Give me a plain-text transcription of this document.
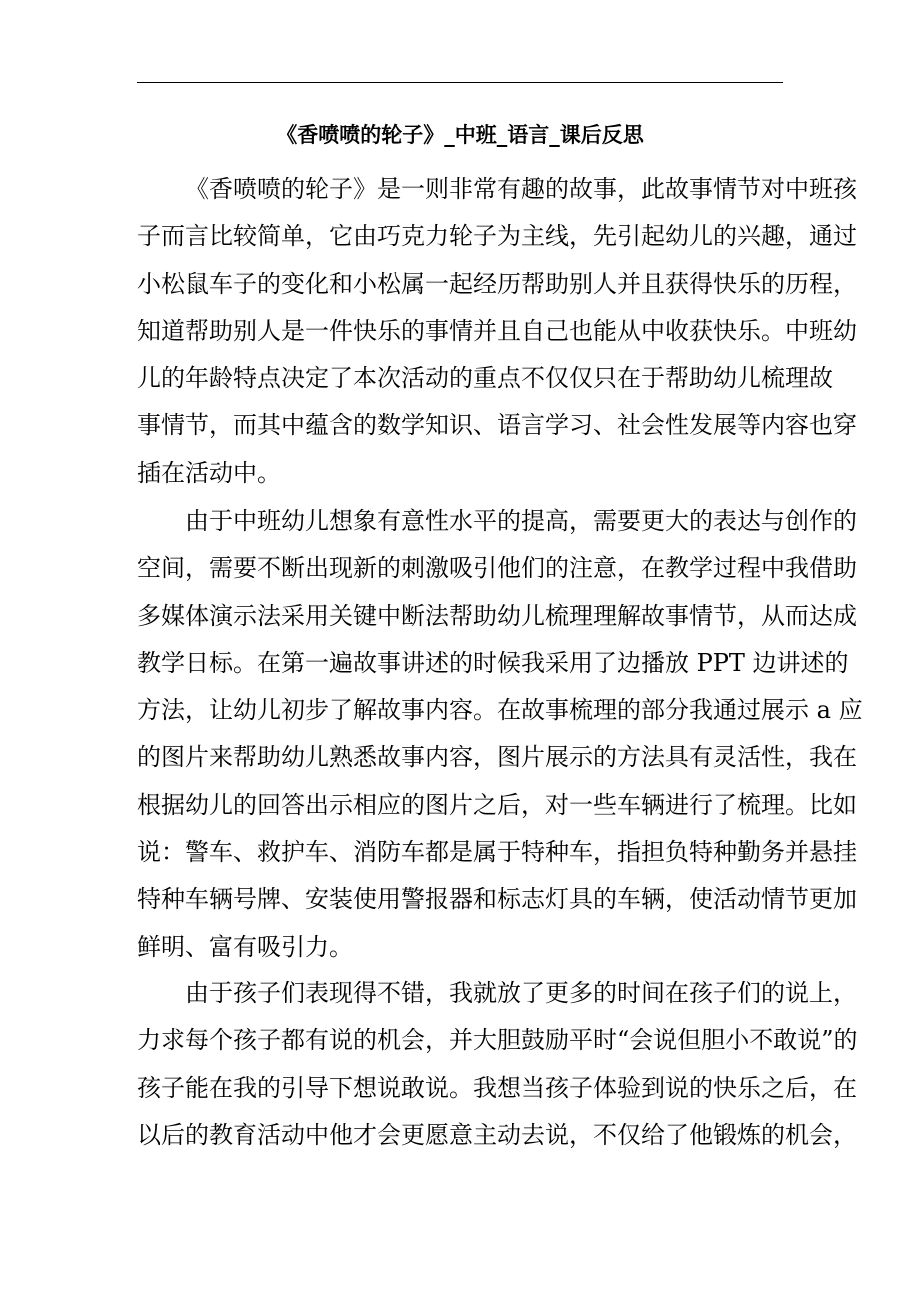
《香喷喷的轮子》_中班_语言_课后反思
《香喷喷的轮子》是一则非常有趣的故事，此故事情节对中班孩
子而言比较简单，它由巧克力轮子为主线，先引起幼儿的兴趣，通过
小松鼠车子的变化和小松属一起经历帮助别人并且获得快乐的历程，
知道帮助别人是一件快乐的事情并且自己也能从中收获快乐。中班幼
儿的年龄特点决定了本次活动的重点不仅仅只在于帮助幼儿梳理故
事情节，而其中蕴含的数学知识、语言学习、社会性发展等内容也穿
插在活动中。
由于中班幼儿想象有意性水平的提高，需要更大的表达与创作的
空间，需要不断出现新的刺激吸引他们的注意，在教学过程中我借助
多媒体演示法采用关键中断法帮助幼儿梳理理解故事情节，从而达成
教学日标。在第一遍故事讲述的时候我采用了边播放 PPT 边讲述的
方法，让幼儿初步了解故事内容。在故事梳理的部分我通过展示 a 应
的图片来帮助幼儿熟悉故事内容，图片展示的方法具有灵活性，我在
根据幼儿的回答出示相应的图片之后，对一些车辆进行了梳理。比如
说：警车、救护车、消防车都是属于特种车，指担负特种勤务并悬挂
特种车辆号牌、安装使用警报器和标志灯具的车辆，使活动情节更加
鲜明、富有吸引力。
由于孩子们表现得不错，我就放了更多的时间在孩子们的说上，
力求每个孩子都有说的机会，并大胆鼓励平时“会说但胆小不敢说”的
孩子能在我的引导下想说敢说。我想当孩子体验到说的快乐之后，在
以后的教育活动中他才会更愿意主动去说，不仅给了他锻炼的机会，
